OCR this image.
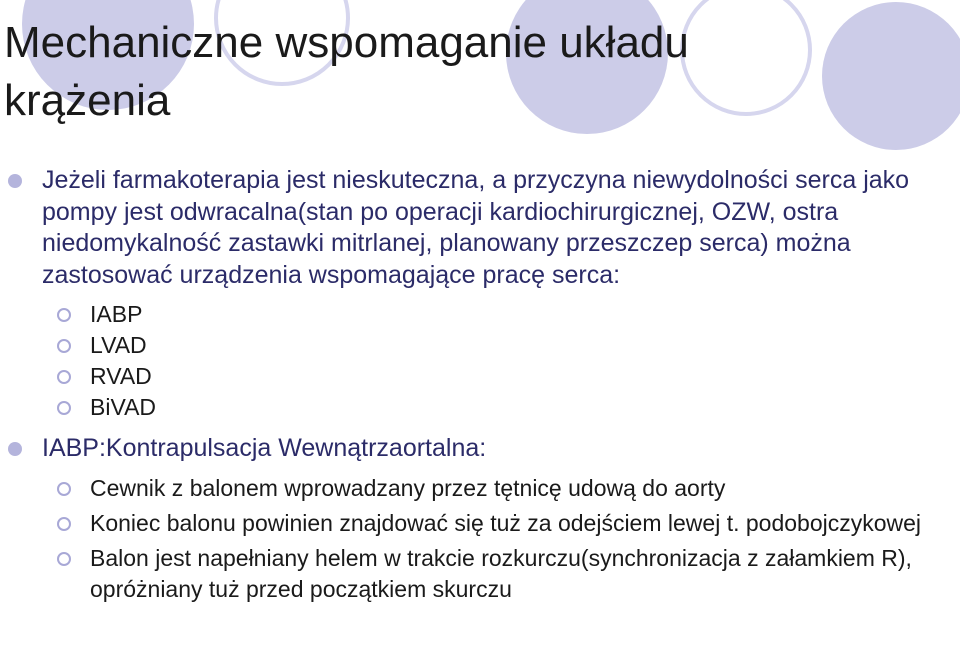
Mechaniczne wspomaganie układu krążenia
Jeżeli farmakoterapia jest nieskuteczna, a przyczyna niewydolności serca jako pompy jest odwracalna(stan po operacji kardiochirurgicznej, OZW, ostra niedomykalność zastawki mitrlanej, planowany przeszczep serca) można zastosować urządzenia wspomagające pracę serca:
IABP
LVAD
RVAD
BiVAD
IABP:Kontrapulsacja Wewnątrzaortalna:
Cewnik z balonem wprowadzany przez tętnicę udową do aorty
Koniec balonu powinien znajdować się tuż za odejściem lewej t. podobojczykowej
Balon jest napełniany helem w trakcie rozkurczu(synchronizacja z załamkiem R), opróżniany tuż przed początkiem skurczu
